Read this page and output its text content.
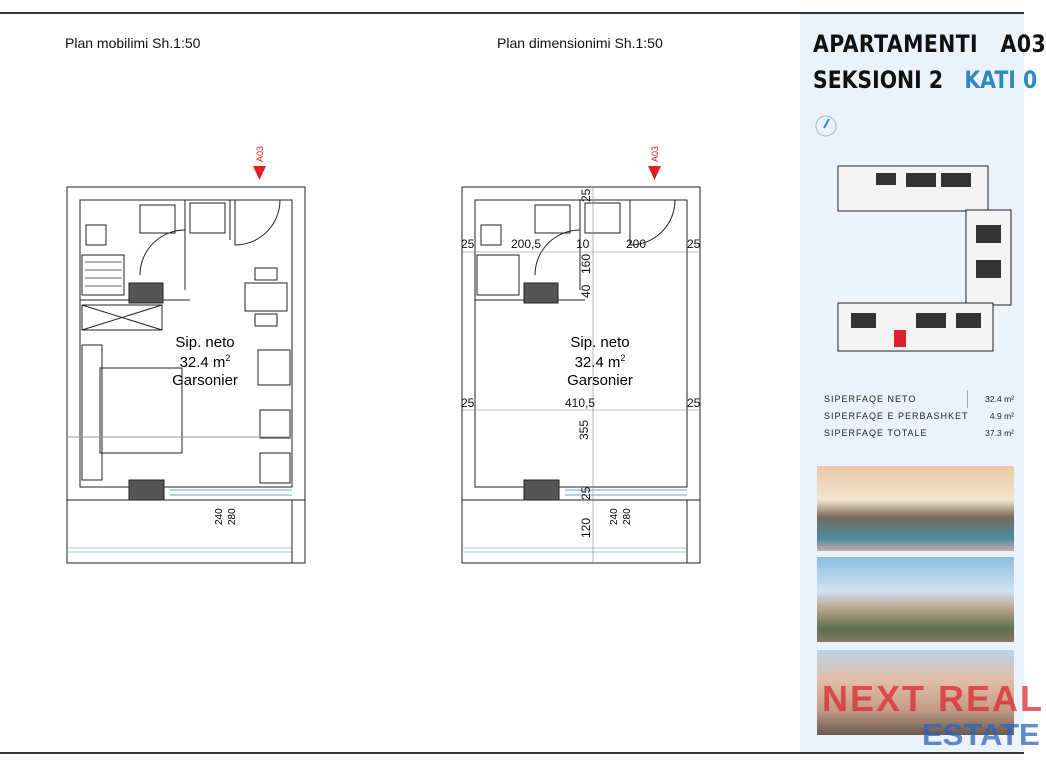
Plan mobilimi Sh.1:50	Plan dimensionimi Sh.1:50
A03
Sip. neto
32.4 $m^2$
Garsonier
240 280
A03
25
25	200,5	10	200	25
160
40
25	410,5	25
355
25
120
Sip. neto
32.4 $m^2$
Garsonier
240 280
APARTAMENTI A03
SEKSIONI 2 KATI 0
SIPERFAQE NETO	32.4 m²
SIPERFAQE E PERBASHKET	4.9 m²
SIPERFAQE TOTALE	37.3 m²
NEXT REAL
ESTATE
